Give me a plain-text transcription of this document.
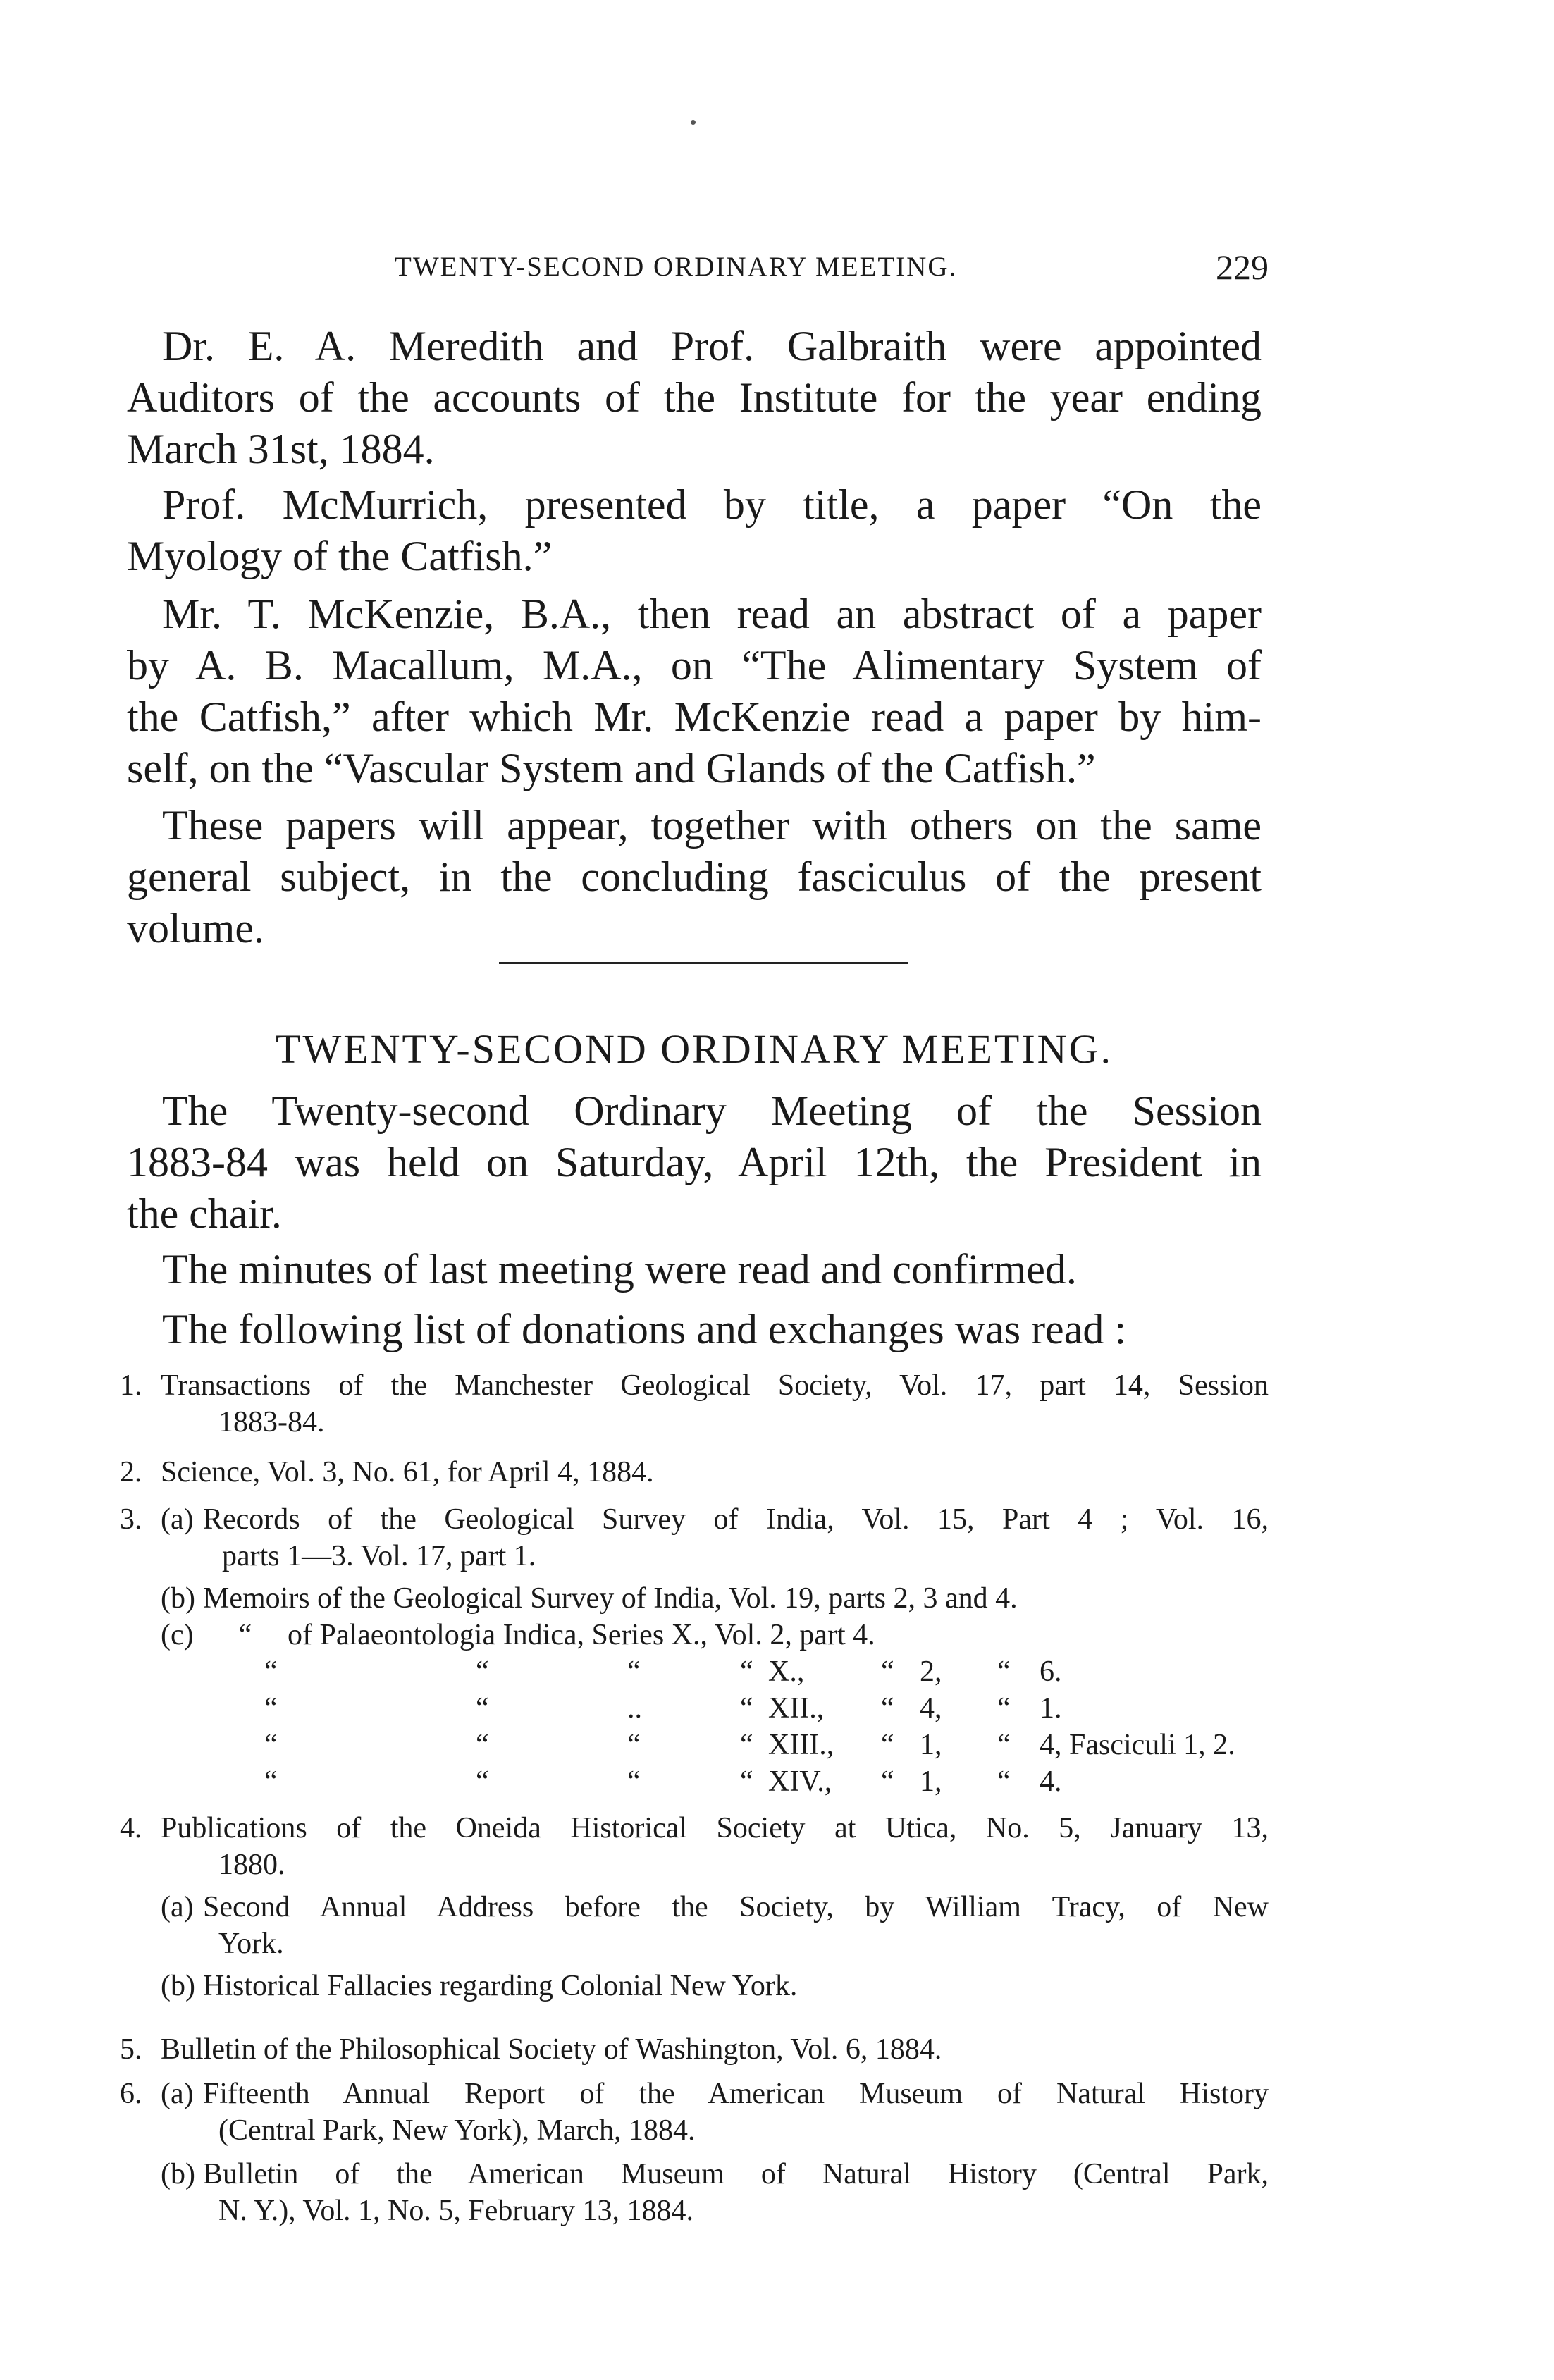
TWENTY-SECOND ORDINARY MEETING.	229
Dr. E. A. Meredith and Prof. Galbraith were appointed
Auditors of the accounts of the Institute for the year ending
March 31st, 1884.
Prof. McMurrich, presented by title, a paper “On the
Myology of the Catfish.”
Mr. T. McKenzie, B.A., then read an abstract of a paper
by A. B. Macallum, M.A., on “The Alimentary System of
the Catfish,” after which Mr. McKenzie read a paper by him-
self, on the “Vascular System and Glands of the Catfish.”
These papers will appear, together with others on the same
general subject, in the concluding fasciculus of the present
volume.
TWENTY-SECOND ORDINARY MEETING.
The Twenty-second Ordinary Meeting of the Session
1883-84 was held on Saturday, April 12th, the President in
the chair.
The minutes of last meeting were read and confirmed.
The following list of donations and exchanges was read :
1. Transactions of the Manchester Geological Society, Vol. 17, part 14, Session
1883-84.
2. Science, Vol. 3, No. 61, for April 4, 1884.
3. (a) Records of the Geological Survey of India, Vol. 15, Part 4 ; Vol. 16,
parts 1—3. Vol. 17, part 1.
(b) Memoirs of the Geological Survey of India, Vol. 19, parts 2, 3 and 4.
(c) “ of Palaeontologia Indica, Series X., Vol. 2, part 4.
“	“	“	“ X.,	“ 2, “ 6.
“	“	..	“ XII., “ 4, “ 1.
“	“	“	“ XIII., “ 1, “ 4, Fasciculi 1, 2.
“	“	“	“ XIV., “ 1, “ 4.
4. Publications of the Oneida Historical Society at Utica, No. 5, January 13,
1880.
(a) Second Annual Address before the Society, by William Tracy, of New
York.
(b) Historical Fallacies regarding Colonial New York.
5. Bulletin of the Philosophical Society of Washington, Vol. 6, 1884.
6. (a) Fifteenth Annual Report of the American Museum of Natural History
(Central Park, New York), March, 1884.
(b) Bulletin of the American Museum of Natural History (Central Park,
N. Y.), Vol. 1, No. 5, February 13, 1884.
